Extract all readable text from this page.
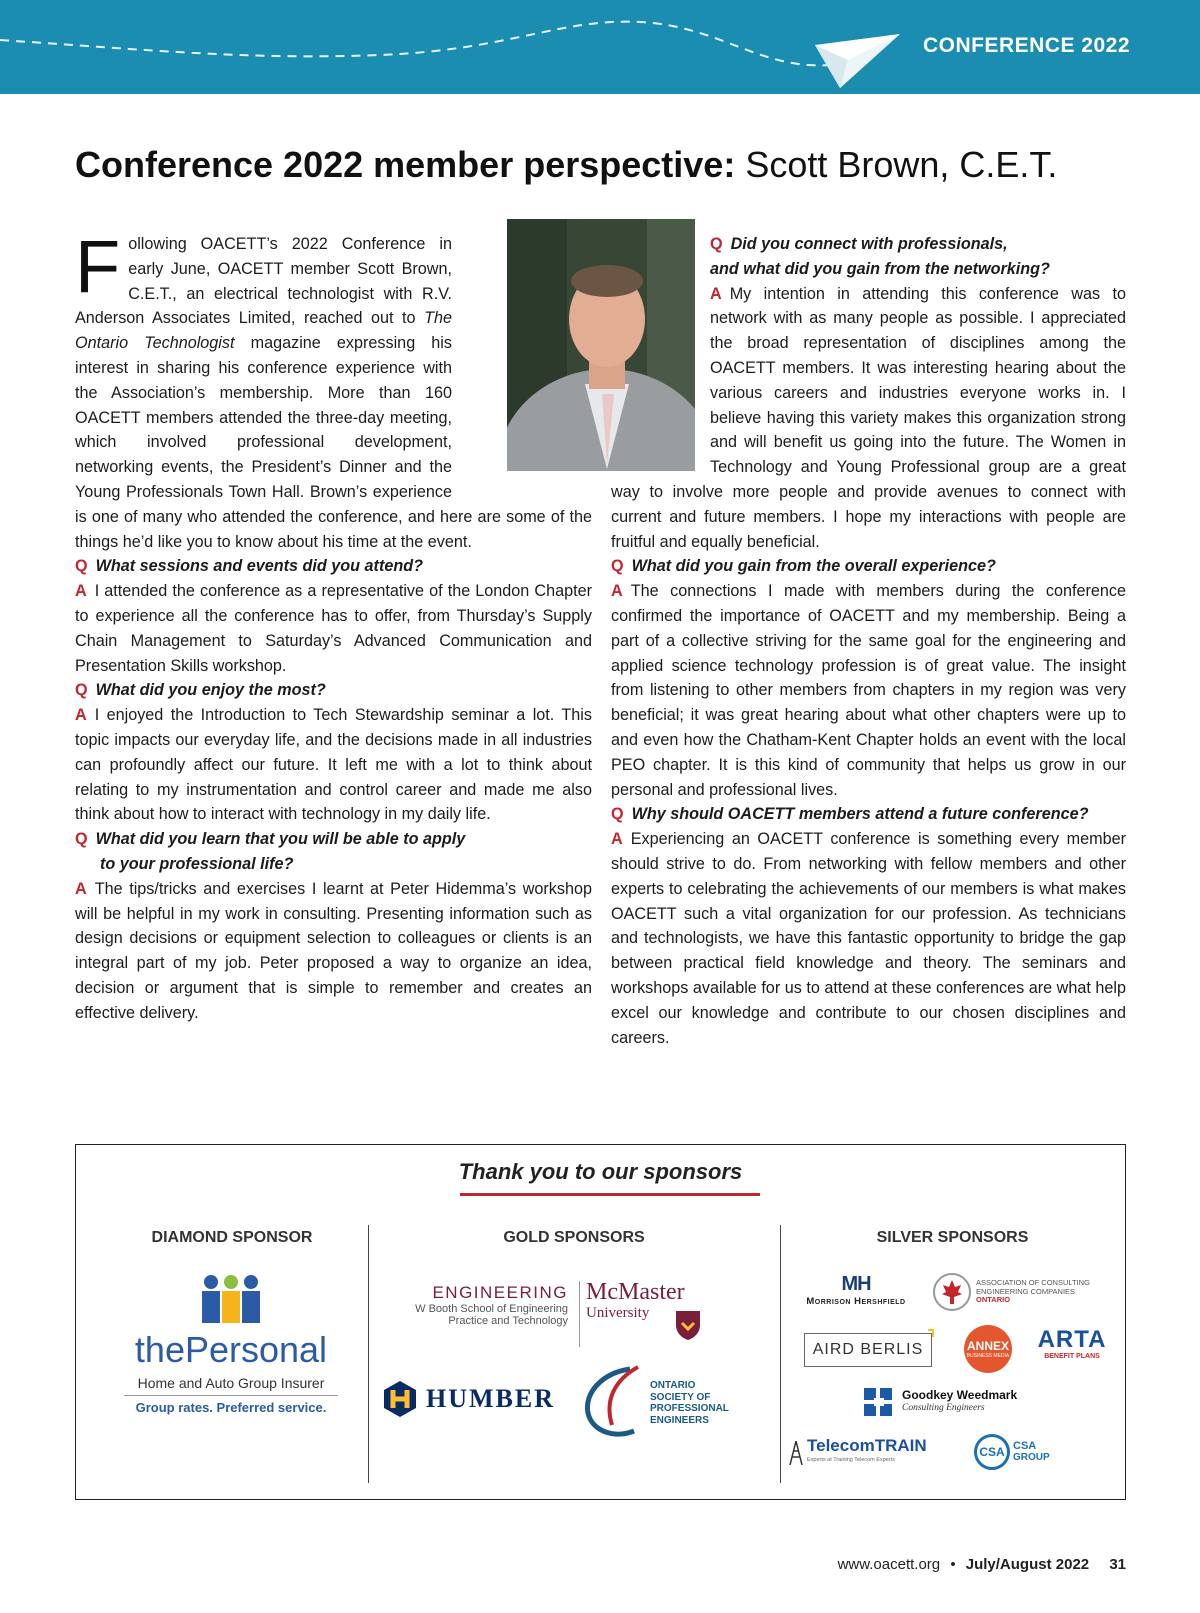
CONFERENCE 2022
Conference 2022 member perspective: Scott Brown, C.E.T.

Following OACETT’s 2022 Conference in early June, OACETT member Scott Brown, C.E.T., an electrical technologist with R.V. Anderson Associates Limited, reached out to The Ontario Technologist magazine expressing his interest in sharing his conference experience with the Association’s membership. More than 160 OACETT members attended the three-day meeting, which involved professional development, networking events, the President’s Dinner and the Young Professionals Town Hall. Brown’s experience is one of many who attended the conference, and here are some of the things he’d like you to know about his time at the event.

Q What sessions and events did you attend?

A I attended the conference as a representative of the London Chapter to experience all the conference has to offer, from Thursday’s Supply Chain Management to Saturday’s Advanced Communication and Presentation Skills workshop.

Q What did you enjoy the most?

A I enjoyed the Introduction to Tech Stewardship seminar a lot. This topic impacts our everyday life, and the decisions made in all industries can profoundly affect our future. It left me with a lot to think about relating to my instrumentation and control career and made me also think about how to interact with technology in my daily life.

Q What did you learn that you will be able to apply
to your professional life?

A The tips/tricks and exercises I learnt at Peter Hidemma’s workshop will be helpful in my work in consulting. Presenting information such as design decisions or equipment selection to colleagues or clients is an integral part of my job. Peter proposed a way to organize an idea, decision or argument that is simple to remember and creates an effective delivery.

Q Did you connect with professionals,
and what did you gain from the networking?

A My intention in attending this conference was to network with as many people as possible. I appreciated the broad representation of disciplines among the OACETT members. It was interesting hearing about the various careers and industries everyone works in. I believe having this variety makes this organization strong and will benefit us going into the future. The Women in Technology and Young Professional group are a great way to involve more people and provide avenues to connect with current and future members. I hope my interactions with people are fruitful and equally beneficial.

Q What did you gain from the overall experience?

A The connections I made with members during the conference confirmed the importance of OACETT and my membership. Being a part of a collective striving for the same goal for the engineering and applied science technology profession is of great value. The insight from listening to other members from chapters in my region was very beneficial; it was great hearing about what other chapters were up to and even how the Chatham-Kent Chapter holds an event with the local PEO chapter. It is this kind of community that helps us grow in our personal and professional lives.

Q Why should OACETT members attend a future conference?

A Experiencing an OACETT conference is something every member should strive to do. From networking with fellow members and other experts to celebrating the achievements of our members is what makes OACETT such a vital organization for our profession. As technicians and technologists, we have this fantastic opportunity to bridge the gap between practical field knowledge and theory. The seminars and workshops available for us to attend at these conferences are what help excel our knowledge and contribute to our chosen disciplines and careers.

Thank you to our sponsors
DIAMOND SPONSOR	GOLD SPONSORS	SILVER SPONSORS
thePersonal
Home and Auto Group Insurer
Group rates. Preferred service.
ENGINEERING
W Booth School of Engineering
Practice and Technology
McMaster
University
HUMBER	ONTARIO
SOCIETY OF
PROFESSIONAL
ENGINEERS
MH
Morrison Hershfield
ASSOCIATION OF CONSULTING
ENGINEERING COMPANIES
ONTARIO
AIRD BERLIS	ANNEX
BUSINESS MEDIA
ARTA
BENEFIT PLANS
Goodkey Weedmark
Consulting Engineers
TelecomTRAIN
Experts at Training Telecom Experts
CSA CSA
GROUP
www.oacett.org • July/August 2022 31
